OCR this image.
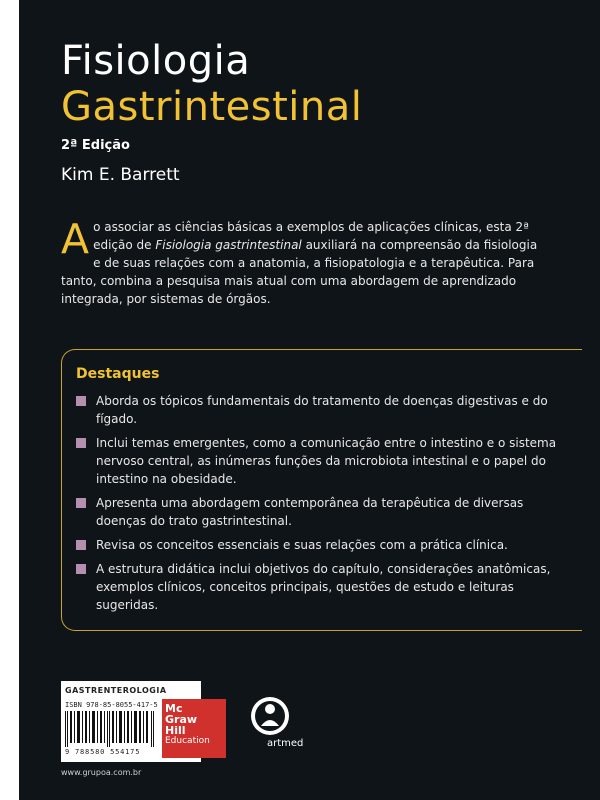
Fisiologia
Gastrintestinal
2ª Edição
Kim E. Barrett
Ao associar as ciências básicas a exemplos de aplicações clínicas, esta 2ª edição de Fisiologia gastrintestinal auxiliará na compreensão da fisiologia e de suas relações com a anatomia, a fisiopatologia e a terapêutica. Para tanto, combina a pesquisa mais atual com uma abordagem de aprendizado integrada, por sistemas de órgãos.
Destaques
Aborda os tópicos fundamentais do tratamento de doenças digestivas e do fígado.
Inclui temas emergentes, como a comunicação entre o intestino e o sistema nervoso central, as inúmeras funções da microbiota intestinal e o papel do intestino na obesidade.
Apresenta uma abordagem contemporânea da terapêutica de diversas doenças do trato gastrintestinal.
Revisa os conceitos essenciais e suas relações com a prática clínica.
A estrutura didática inclui objetivos do capítulo, considerações anatômicas, exemplos clínicos, conceitos principais, questões de estudo e leituras sugeridas.
GASTRENTEROLOGIA
ISBN 978-85-8055-417-5
9 788580 554175
Mc
Graw
Hill
Education	artmed
www.grupoa.com.br
